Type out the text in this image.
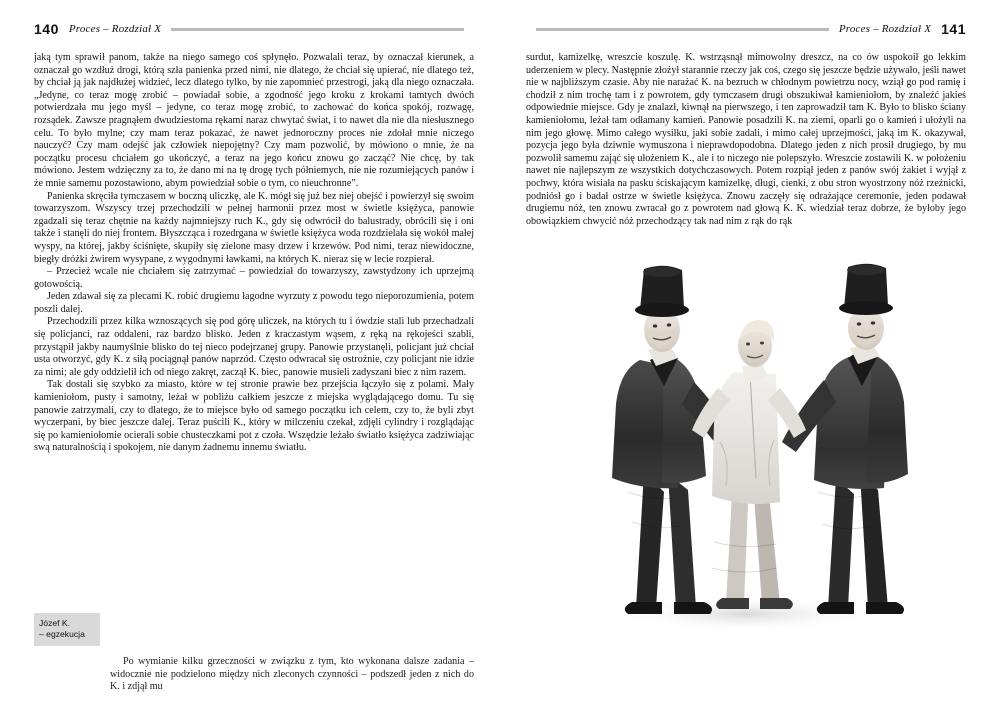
140 Proces – Rozdział X

jaką tym sprawił panom, także na niego samego coś spłynęło. Pozwalali teraz, by oznaczał kierunek, a oznaczał go wzdłuż drogi, którą szła panienka przed nimi, nie dlatego, że chciał się upierać, nie dlatego też, by chciał ją jak najdłużej widzieć, lecz dlatego tylko, by nie zapomnieć przestrogi, jaką dla niego oznaczała. „Jedyne, co teraz mogę zrobić – powiadał sobie, a zgodność jego kroku z krokami tamtych dwóch potwierdzała mu jego myśl – jedyne, co teraz mogę zrobić, to zachować do końca spokój, rozwagę, rozsądek. Zawsze pragnąłem dwudziestoma rękami naraz chwytać świat, i to nawet dla nie dla niesłusznego celu. To było mylne; czy mam teraz pokazać, że nawet jednoroczny proces nie zdołał mnie niczego nauczyć? Czy mam odejść jak człowiek niepojętny? Czy mam pozwolić, by mówiono o mnie, że na początku procesu chciałem go ukończyć, a teraz na jego końcu znowu go zacząć? Nie chcę, by tak mówiono. Jestem wdzięczny za to, że dano mi na tę drogę tych półniemych, nie nie rozumiejących panów i że mnie samemu pozostawiono, abym powiedział sobie o tym, co nieuchronne”.

Panienka skręciła tymczasem w boczną uliczkę, ale K. mógł się już bez niej obejść i powierzył się swoim towarzyszom. Wszyscy trzej przechodzili w pełnej harmonii przez most w świetle księżyca, panowie zgadzali się teraz chętnie na każdy najmniejszy ruch K., gdy się odwrócił do balustrady, obrócili się i oni także i stanęli do niej frontem. Błyszcząca i rozedrgana w świetle księżyca woda rozdzielała się wokół małej wyspy, na której, jakby ściśnięte, skupiły się zielone masy drzew i krzewów. Pod nimi, teraz niewidoczne, biegły dróżki żwirem wysypane, z wygodnymi ławkami, na których K. nieraz się w lecie rozpierał.

– Przecież wcale nie chciałem się zatrzymać – powiedział do towarzyszy, zawstydzony ich uprzejmą gotowością.

Jeden zdawał się za plecami K. robić drugiemu łagodne wyrzuty z powodu tego nieporozumienia, potem poszli dalej.

Przechodzili przez kilka wznoszących się pod górę uliczek, na których tu i ówdzie stali lub przechadzali się policjanci, raz oddaleni, raz bardzo blisko. Jeden z kraczastym wąsem, z ręką na rękojeści szabli, przystąpił jakby naumyślnie blisko do tej nieco podejrzanej grupy. Panowie przystanęli, policjant już chciał usta otworzyć, gdy K. z siłą pociągnął panów naprzód. Często odwracał się ostrożnie, czy policjant nie idzie za nimi; ale gdy oddzielił ich od niego zakręt, zaczął K. biec, panowie musieli zadyszani biec z nim razem.

Tak dostali się szybko za miasto, które w tej stronie prawie bez przejścia łączyło się z polami. Mały kamieniołom, pusty i samotny, leżał w pobliżu całkiem jeszcze z miejska wyglądającego domu. Tu się panowie zatrzymali, czy to dlatego, że to miejsce było od samego początku ich celem, czy to, że byli zbyt wyczerpani, by biec jeszcze dalej. Teraz puścili K., który w milczeniu czekał, zdjęli cylindry i rozglądając się po kamieniołomie ocierali sobie chusteczkami pot z czoła. Wszędzie leżało światło księżyca zadziwiając swą naturalnością i spokojem, nie danym żadnemu innemu światłu.

Józef K.
– egzekucja

Po wymianie kilku grzeczności w związku z tym, kto wykonana dalsze zadania – widocznie nie podzielono między nich zleconych czynności – podszedł jeden z nich do K. i zdjął mu

Proces – Rozdział X 141

surdut, kamizelkę, wreszcie koszulę. K. wstrząsnął mimowolny dreszcz, na co ów uspokoił go lekkim uderzeniem w plecy. Następnie złożył starannie rzeczy jak coś, czego się jeszcze będzie używało, jeśli nawet nie w najbliższym czasie. Aby nie narażać K. na bezruch w chłodnym powietrzu nocy, wziął go pod ramię i chodził z nim trochę tam i z powrotem, gdy tymczasem drugi obszukiwał kamieniołom, by znaleźć jakieś odpowiednie miejsce. Gdy je znalazł, kiwnął na pierwszego, i ten zaprowadził tam K. Było to blisko ściany kamieniołomu, leżał tam odłamany kamień. Panowie posadzili K. na ziemi, oparli go o kamień i ułożyli na nim jego głowę. Mimo całego wysiłku, jaki sobie zadali, i mimo całej uprzejmości, jaką im K. okazywał, pozycja jego była dziwnie wymuszona i nieprawdopodobna. Dlatego jeden z nich prosił drugiego, by mu pozwolił samemu zająć się ułożeniem K., ale i to niczego nie polepszyło. Wreszcie zostawili K. w położeniu nawet nie najlepszym ze wszystkich dotychczasowych. Potem rozpiął jeden z panów swój żakiet i wyjął z pochwy, która wisiała na pasku ściskającym kamizelkę, długi, cienki, z obu stron wyostrzony nóż rzeźnicki, podniósł go i badał ostrze w świetle księżyca. Znowu zaczęły się odrażające ceremonie, jeden podawał drugiemu nóż, ten znowu zwracał go z powrotem nad głową K. K. wiedział teraz dobrze, że byłoby jego obowiązkiem chwycić nóż przechodzący tak nad nim z rąk do rąk
